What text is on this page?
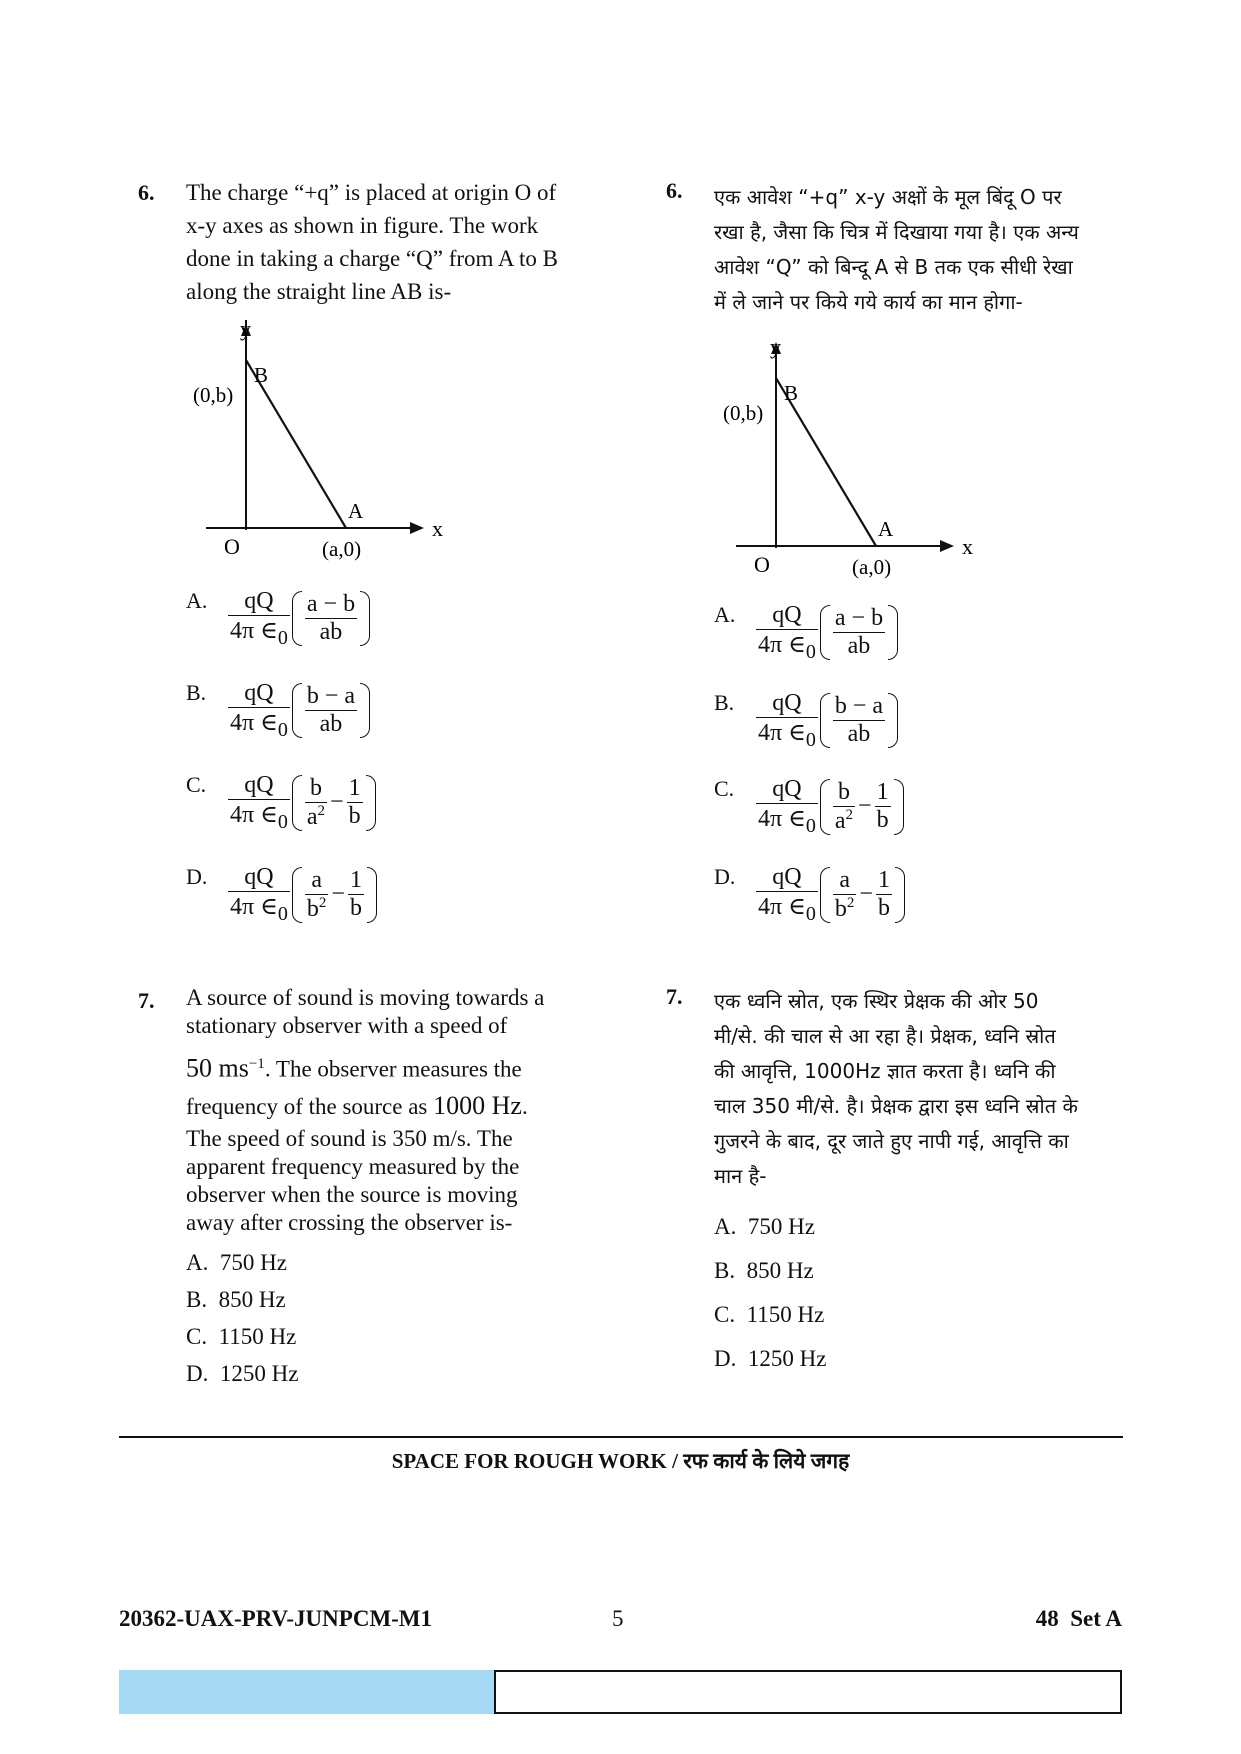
6. The charge “+q” is placed at origin O of
x-y axes as shown in figure. The work
done in taking a charge “Q” from A to B
along the straight line AB is-
y
x
O
(0,b)
B
A
(a,0)
A. $\frac{qQ}{4\pi \in_0} \frac{a - b}{ab}$
B. $\frac{qQ}{4\pi \in_0} \frac{b - a}{ab}$
C. $\frac{qQ}{4\pi \in_0} \frac{b}{a^2} - \frac{1}{b}$
D. $\frac{qQ}{4\pi \in_0} \frac{a}{b^2} - \frac{1}{b}$
7. A source of sound is moving towards a
stationary observer with a speed of
50 $ms^{-1}$. The observer measures the
frequency of the source as 1000 Hz.
The speed of sound is 350 m/s. The
apparent frequency measured by the
observer when the source is moving
away after crossing the observer is-
A. 750 Hz
B. 850 Hz
C. 1150 Hz
D. 1250 Hz
6. एक आवेश “+q” x-y अक्षों के मूल बिंदू O पर
रखा है, जैसा कि चित्र में दिखाया गया है। एक अन्य
आवेश “Q” को बिन्दू A से B तक एक सीधी रेखा
में ले जाने पर किये गये कार्य का मान होगा-
y
x
O
(0,b)
B
A
(a,0)
A. $\frac{qQ}{4\pi \in_0} \frac{a - b}{ab}$
B. $\frac{qQ}{4\pi \in_0} \frac{b - a}{ab}$
C. $\frac{qQ}{4\pi \in_0} \frac{b}{a^2} - \frac{1}{b}$
D. $\frac{qQ}{4\pi \in_0} \frac{a}{b^2} - \frac{1}{b}$
7. एक ध्वनि स्रोत, एक स्थिर प्रेक्षक की ओर 50
मी/से. की चाल से आ रहा है। प्रेक्षक, ध्वनि स्रोत
की आवृत्ति, 1000Hz ज्ञात करता है। ध्वनि की
चाल 350 मी/से. है। प्रेक्षक द्वारा इस ध्वनि स्रोत के
गुजरने के बाद, दूर जाते हुए नापी गई, आवृत्ति का
मान है-
A. 750 Hz
B. 850 Hz
C. 1150 Hz
D. 1250 Hz
SPACE FOR ROUGH WORK / रफ कार्य के लिये जगह
20362-UAX-PRV-JUNPCM-M1	5	48  Set A
